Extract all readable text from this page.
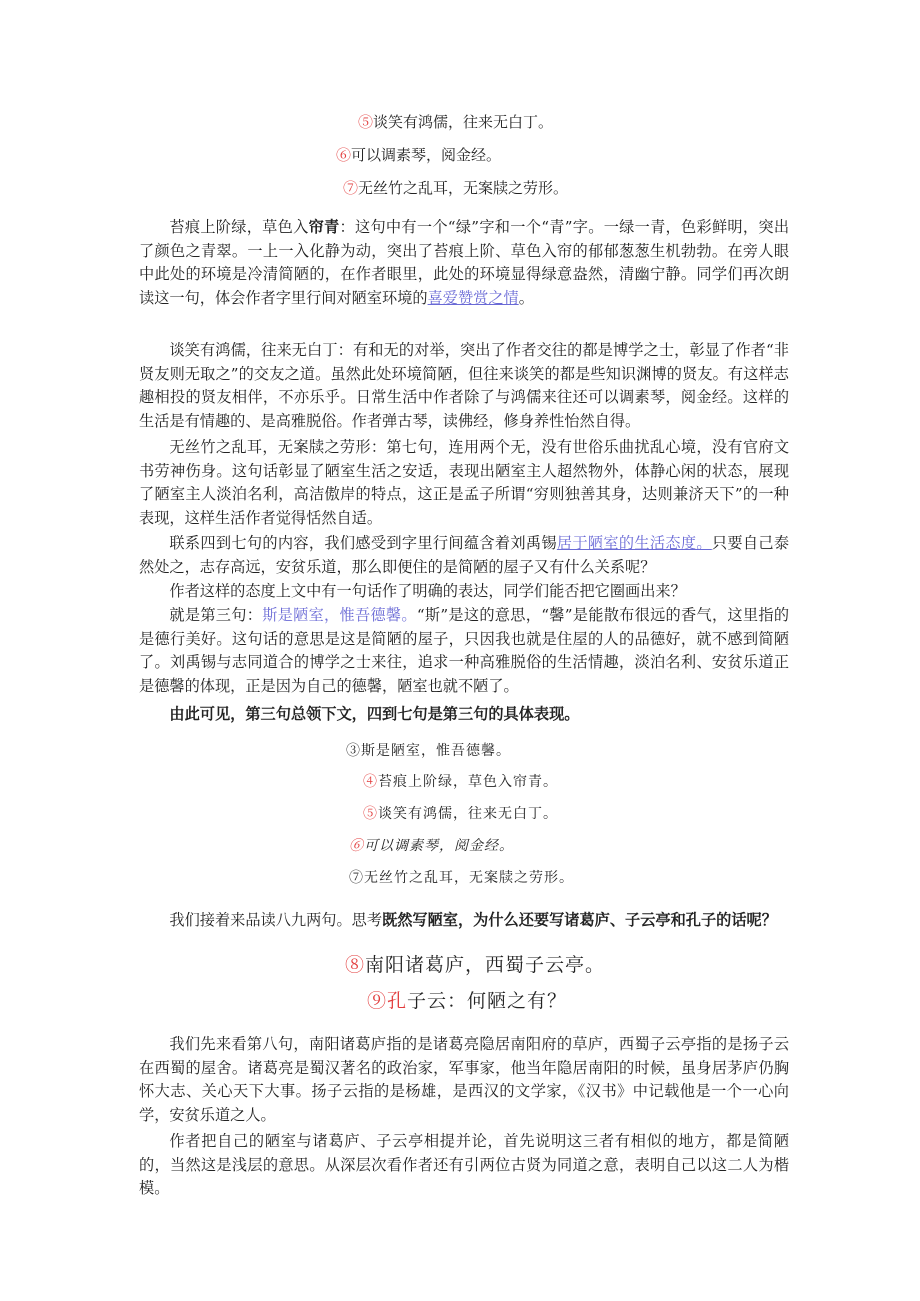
⑤谈笑有鸿儒，往来无白丁。
⑥可以调素琴，阅金经。
⑦无丝竹之乱耳，无案牍之劳形。

苔痕上阶绿，草色入帘青：这句中有一个“绿”字和一个“青”字。一绿一青，色彩鲜明，突出了颜色之青翠。一上一入化静为动，突出了苔痕上阶、草色入帘的郁郁葱葱生机勃勃。在旁人眼中此处的环境是冷清简陋的，在作者眼里，此处的环境显得绿意盎然，清幽宁静。同学们再次朗读这一句，体会作者字里行间对陋室环境的喜爱赞赏之情。

谈笑有鸿儒，往来无白丁：有和无的对举，突出了作者交往的都是博学之士，彰显了作者“非贤友则无取之”的交友之道。虽然此处环境简陋，但往来谈笑的都是些知识渊博的贤友。有这样志趣相投的贤友相伴，不亦乐乎。日常生活中作者除了与鸿儒来往还可以调素琴，阅金经。这样的生活是有情趣的、是高雅脱俗。作者弹古琴，读佛经，修身养性怡然自得。

无丝竹之乱耳，无案牍之劳形：第七句，连用两个无，没有世俗乐曲扰乱心境，没有官府文书劳神伤身。这句话彰显了陋室生活之安适，表现出陋室主人超然物外，体静心闲的状态，展现了陋室主人淡泊名利，高洁傲岸的特点，这正是孟子所谓“穷则独善其身，达则兼济天下”的一种表现，这样生活作者觉得恬然自适。

联系四到七句的内容，我们感受到字里行间蕴含着刘禹锡居于陋室的生活态度。只要自己泰然处之，志存高远，安贫乐道，那么即便住的是简陋的屋子又有什么关系呢？

作者这样的态度上文中有一句话作了明确的表达，同学们能否把它圈画出来？

就是第三句：斯是陋室，惟吾德馨。“斯”是这的意思，“馨”是能散布很远的香气，这里指的是德行美好。这句话的意思是这是简陋的屋子，只因我也就是住屋的人的品德好，就不感到简陋了。刘禹锡与志同道合的博学之士来往，追求一种高雅脱俗的生活情趣，淡泊名利、安贫乐道正是德馨的体现，正是因为自己的德馨，陋室也就不陋了。

由此可见，第三句总领下文，四到七句是第三句的具体表现。

③斯是陋室，惟吾德馨。
④苔痕上阶绿，草色入帘青。
⑤谈笑有鸿儒，往来无白丁。
⑥可以调素琴，阅金经。
⑦无丝竹之乱耳，无案牍之劳形。

我们接着来品读八九两句。思考既然写陋室，为什么还要写诸葛庐、子云亭和孔子的话呢？

⑧南阳诸葛庐，西蜀子云亭。
⑨孔子云：何陋之有？

我们先来看第八句，南阳诸葛庐指的是诸葛亮隐居南阳府的草庐，西蜀子云亭指的是扬子云在西蜀的屋舍。诸葛亮是蜀汉著名的政治家，军事家，他当年隐居南阳的时候，虽身居茅庐仍胸怀大志、关心天下大事。扬子云指的是杨雄，是西汉的文学家，《汉书》中记载他是一个一心向学，安贫乐道之人。

作者把自己的陋室与诸葛庐、子云亭相提并论，首先说明这三者有相似的地方，都是简陋的，当然这是浅层的意思。从深层次看作者还有引两位古贤为同道之意，表明自己以这二人为楷模。
